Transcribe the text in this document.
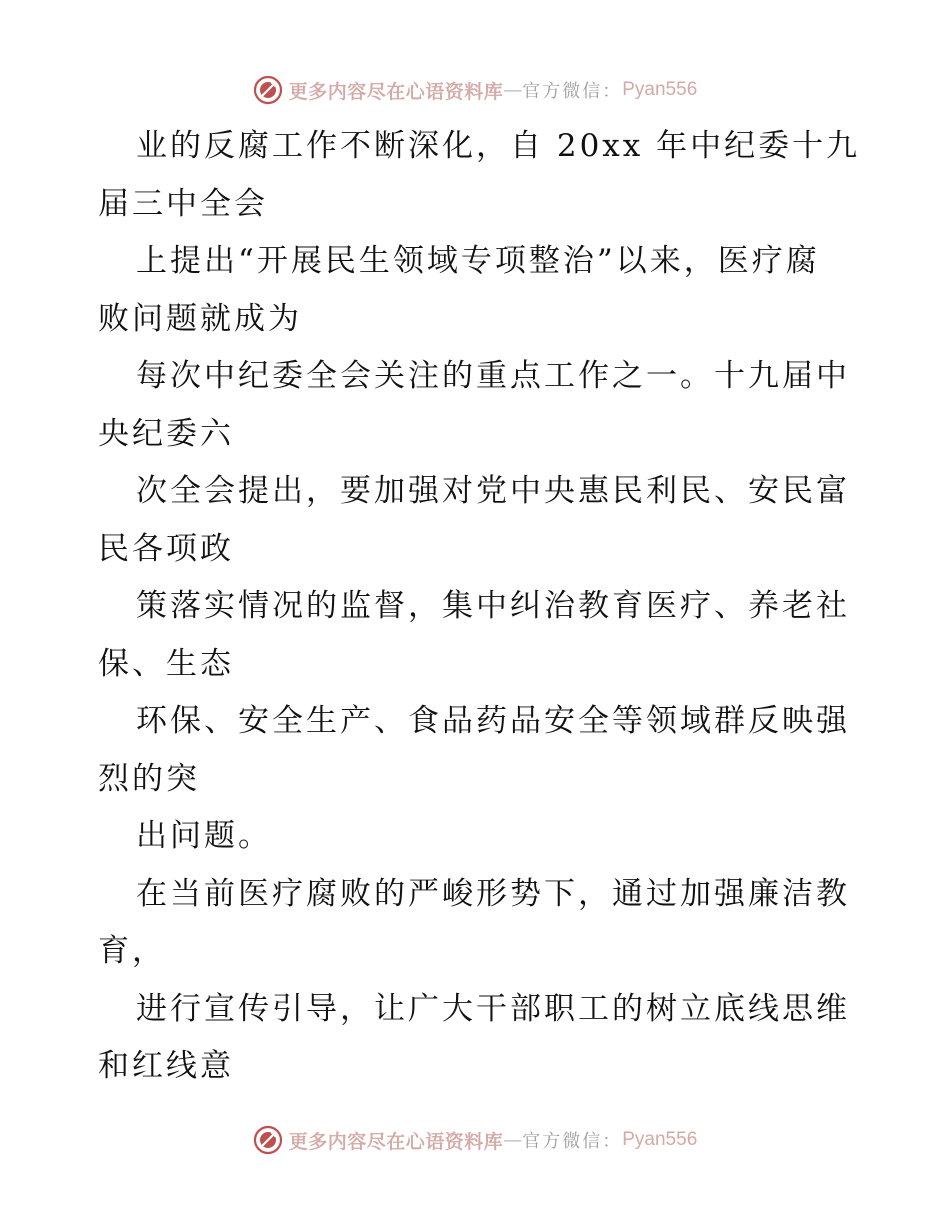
更多内容尽在心语资料库 — 官方微信： Pyan556
业的反腐工作不断深化，自 20xx 年中纪委十九
届三中全会
上提出“开展民生领域专项整治”以来，医疗腐
败问题就成为
每次中纪委全会关注的重点工作之一。十九届中
央纪委六
次全会提出，要加强对党中央惠民利民、安民富
民各项政
策落实情况的监督，集中纠治教育医疗、养老社
保、生态
环保、安全生产、食品药品安全等领域群反映强
烈的突
出问题。
在当前医疗腐败的严峻形势下，通过加强廉洁教
育，
进行宣传引导，让广大干部职工的树立底线思维
和红线意
更多内容尽在心语资料库 — 官方微信： Pyan556
